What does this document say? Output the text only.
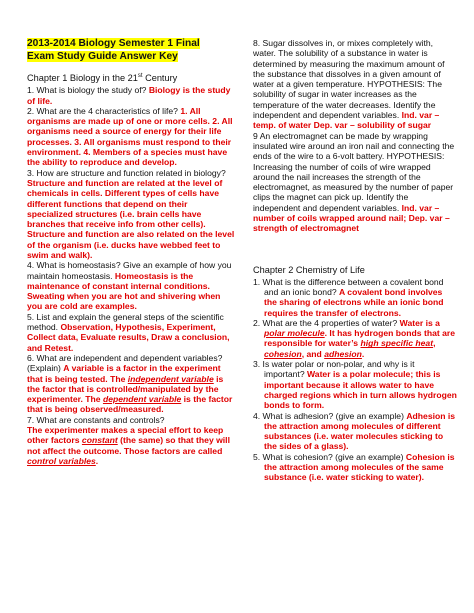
2013-2014 Biology Semester 1 Final
Exam Study Guide Answer Key
Chapter 1 Biology in the 21st Century

1. What is biology the study of? Biology is the study of life.

2. What are the 4 characteristics of life? 1. All organisms are made up of one or more cells. 2. All organisms need a source of energy for their life processes. 3. All organisms must respond to their environment. 4. Members of a species must have the ability to reproduce and develop.

3. How are structure and function related in biology? Structure and function are related at the level of chemicals in cells. Different types of cells have different functions that depend on their specialized structures (i.e. brain cells have branches that receive info from other cells). Structure and function are also related on the level of the organism (i.e. ducks have webbed feet to swim and walk).

4. What is homeostasis? Give an example of how you maintain homeostasis. Homeostasis is the maintenance of constant internal conditions. Sweating when you are hot and shivering when you are cold are examples.

5. List and explain the general steps of the scientific method. Observation, Hypothesis, Experiment, Collect data, Evaluate results, Draw a conclusion, and Retest.

6. What are independent and dependent variables? (Explain) A variable is a factor in the experiment that is being tested. The independent variable is the factor that is controlled/manipulated by the experimenter. The dependent variable is the factor that is being observed/measured.

7. What are constants and controls?
The experimenter makes a special effort to keep other factors constant (the same) so that they will not affect the outcome. Those factors are called control variables.

8. Sugar dissolves in, or mixes completely with, water. The solubility of a substance in water is determined by measuring the maximum amount of the substance that dissolves in a given amount of water at a given temperature. HYPOTHESIS: The solubility of sugar in water increases as the temperature of the water decreases. Identify the independent and dependent variables. Ind. var – temp. of water Dep. var – solubility of sugar

9 An electromagnet can be made by wrapping insulated wire around an iron nail and connecting the ends of the wire to a 6-volt battery. HYPOTHESIS: Increasing the number of coils of wire wrapped around the nail increases the strength of the electromagnet, as measured by the number of paper clips the magnet can pick up. Identify the independent and dependent variables. Ind. var – number of coils wrapped around nail; Dep. var – strength of electromagnet

Chapter 2 Chemistry of Life

1. What is the difference between a covalent bond and an ionic bond? A covalent bond involves the sharing of electrons while an ionic bond requires the transfer of electrons.

2. What are the 4 properties of water? Water is a polar molecule. It has hydrogen bonds that are responsible for water’s high specific heat, cohesion, and adhesion.

3. Is water polar or non-polar, and why is it important? Water is a polar molecule; this is important because it allows water to have charged regions which in turn allows hydrogen bonds to form.

4. What is adhesion? (give an example) Adhesion is the attraction among molecules of different substances (i.e. water molecules sticking to the sides of a glass).

5. What is cohesion? (give an example) Cohesion is the attraction among molecules of the same substance (i.e. water sticking to water).
